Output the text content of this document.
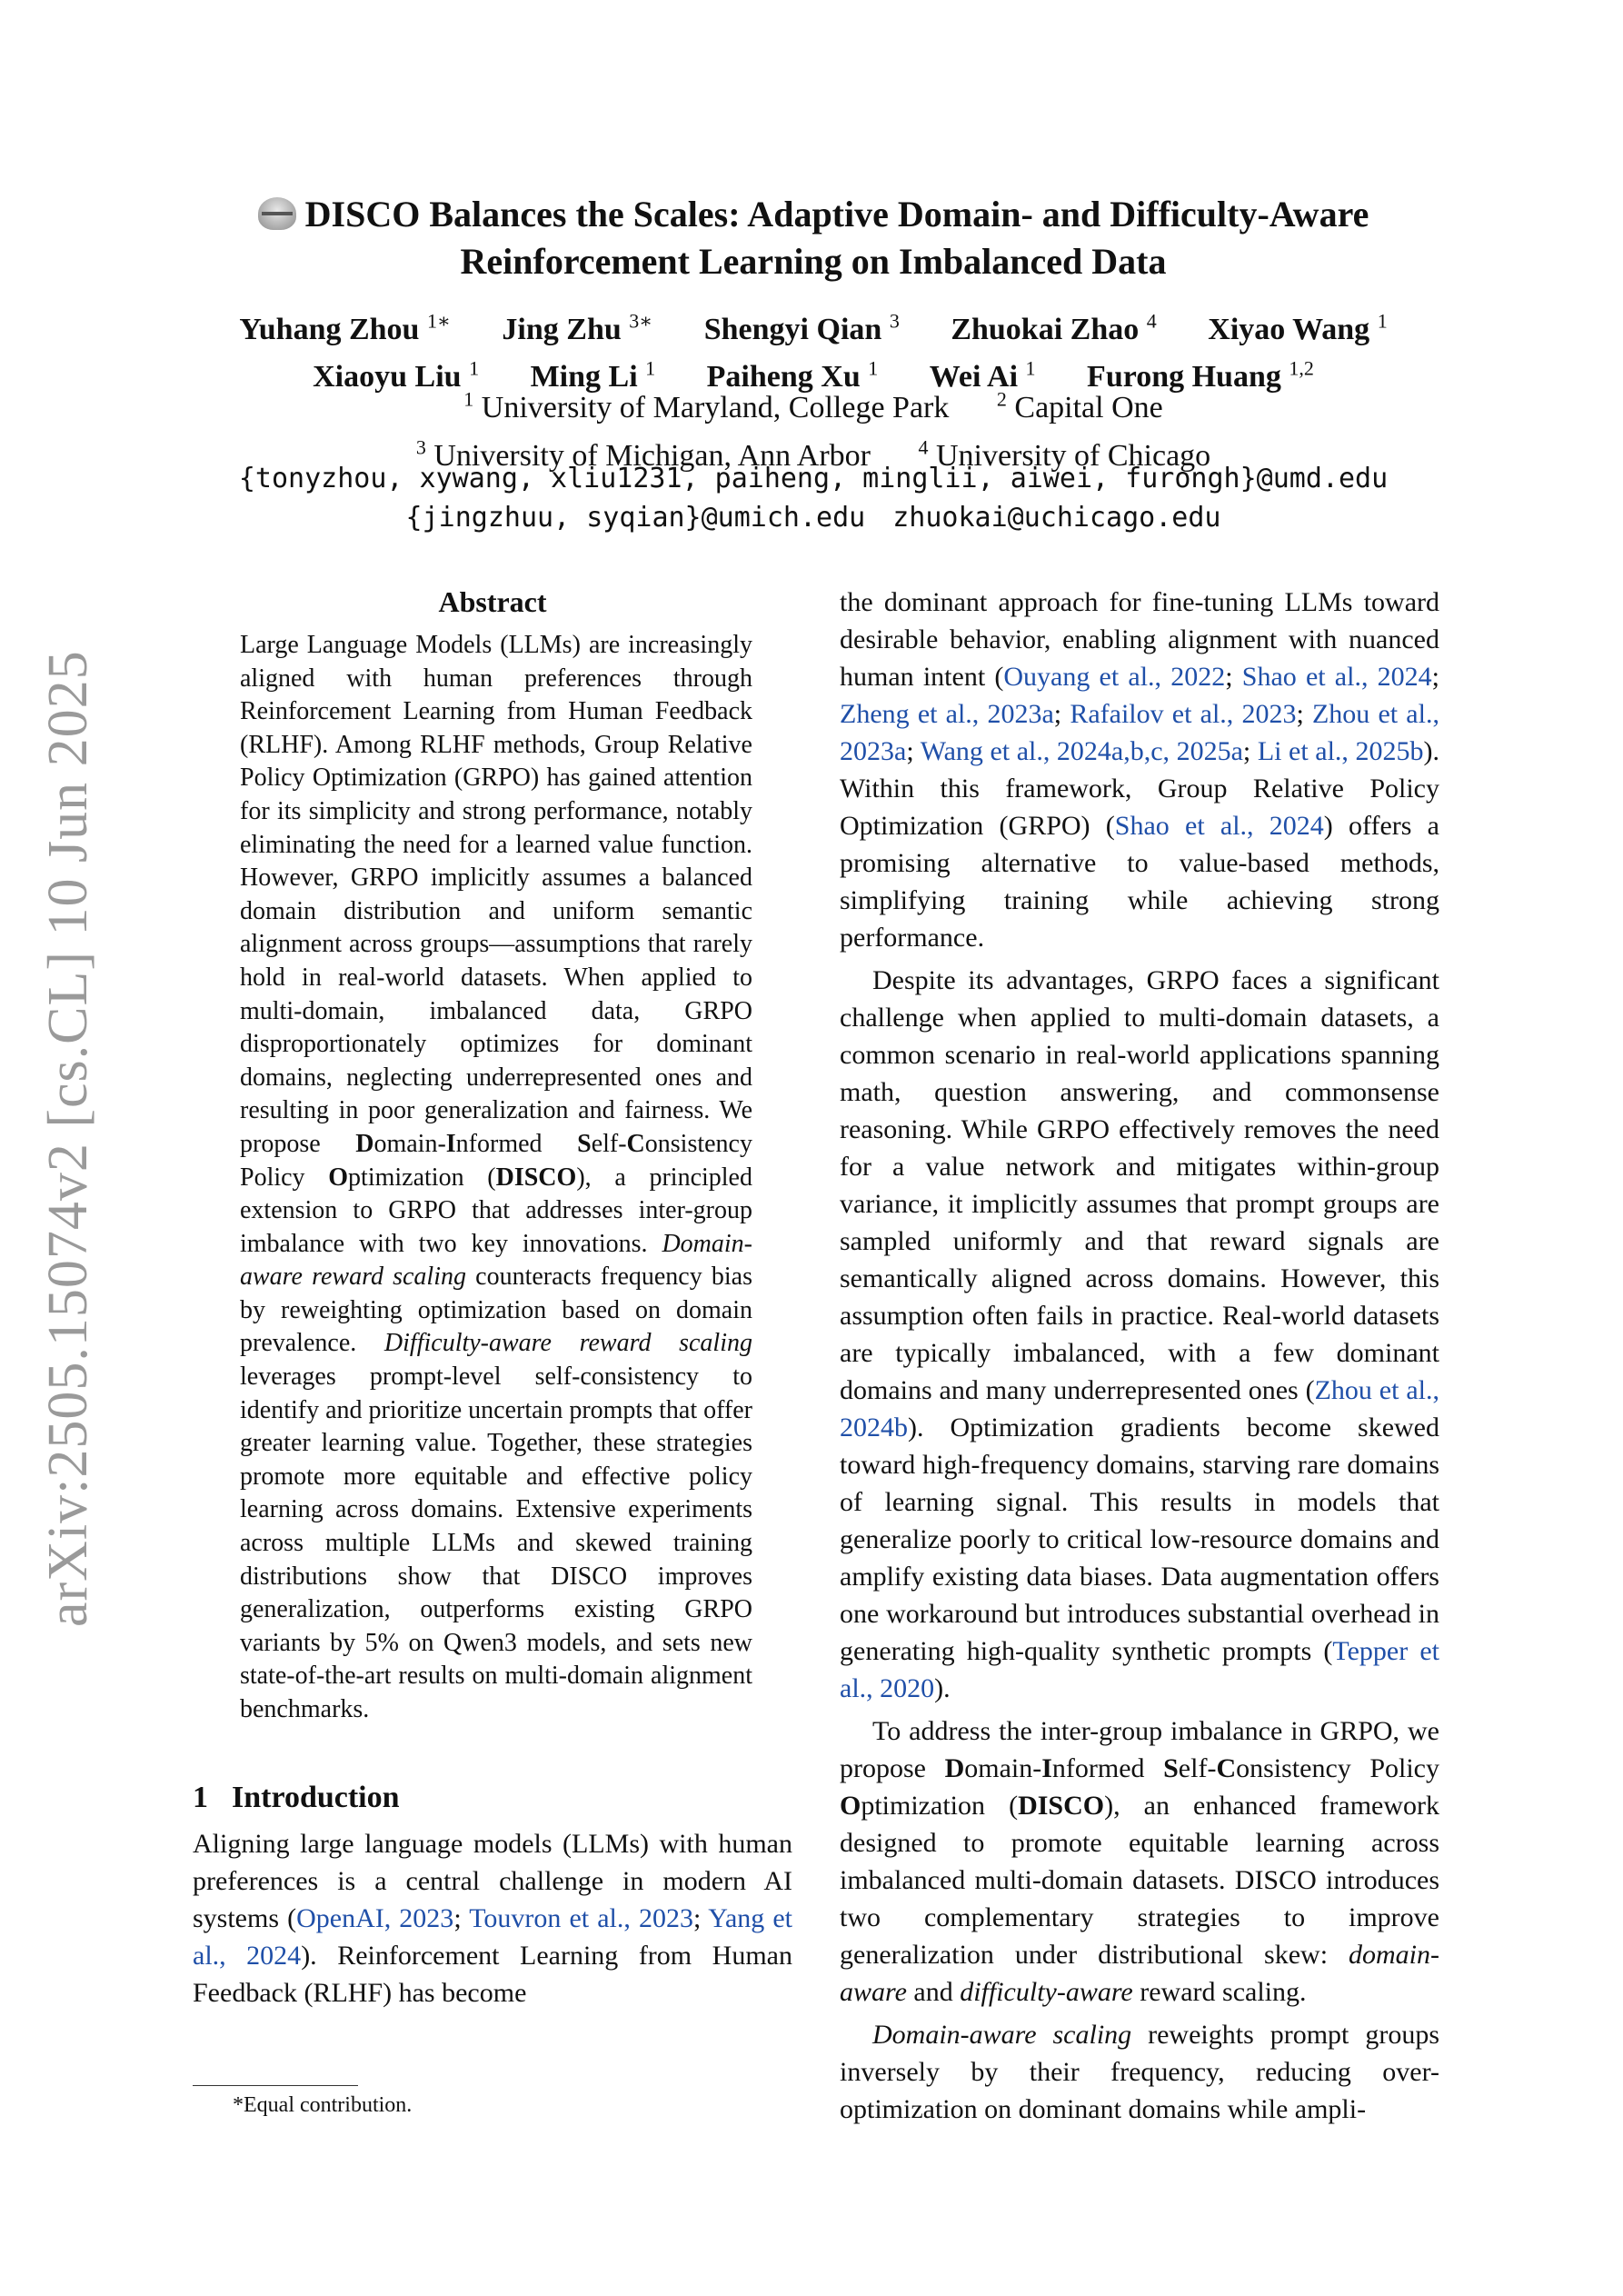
arXiv:2505.15074v2 [cs.CL] 10 Jun 2025
DISCO Balances the Scales: Adaptive Domain- and Difficulty-Aware
Reinforcement Learning on Imbalanced Data
Yuhang Zhou $^{1∗}$ Jing Zhu $^{3∗}$ Shengyi Qian $^3$ Zhuokai Zhao $^4$ Xiyao Wang $^1$
Xiaoyu Liu $^1$ Ming Li $^1$ Paiheng Xu $^1$ Wei Ai $^1$ Furong Huang $^{1,2}$
$^1$ University of Maryland, College Park $^2$ Capital One
$^3$ University of Michigan, Ann Arbor $^4$ University of Chicago
{tonyzhou, xywang, xliu1231, paiheng, minglii, aiwei, furongh}@umd.edu
{jingzhuu, syqian}@umich.edu zhuokai@uchicago.edu
Abstract
Large Language Models (LLMs) are increasingly aligned with human preferences through Reinforcement Learning from Human Feedback (RLHF). Among RLHF methods, Group Relative Policy Optimization (GRPO) has gained attention for its simplicity and strong performance, notably eliminating the need for a learned value function. However, GRPO implicitly assumes a balanced domain distribution and uniform semantic alignment across groups—assumptions that rarely hold in real-world datasets. When applied to multi-domain, imbalanced data, GRPO disproportionately optimizes for dominant domains, neglecting underrepresented ones and resulting in poor generalization and fairness. We propose Domain-Informed Self-Consistency Policy Optimization (DISCO), a principled extension to GRPO that addresses inter-group imbalance with two key innovations. Domain-aware reward scaling counteracts frequency bias by reweighting optimization based on domain prevalence. Difficulty-aware reward scaling leverages prompt-level self-consistency to identify and prioritize uncertain prompts that offer greater learning value. Together, these strategies promote more equitable and effective policy learning across domains. Extensive experiments across multiple LLMs and skewed training distributions show that DISCO improves generalization, outperforms existing GRPO variants by 5% on Qwen3 models, and sets new state-of-the-art results on multi-domain alignment benchmarks.
1 Introduction
Aligning large language models (LLMs) with human preferences is a central challenge in modern AI systems (OpenAI, 2023; Touvron et al., 2023; Yang et al., 2024). Reinforcement Learning from Human Feedback (RLHF) has become
*Equal contribution.

the dominant approach for fine-tuning LLMs toward desirable behavior, enabling alignment with nuanced human intent (Ouyang et al., 2022; Shao et al., 2024; Zheng et al., 2023a; Rafailov et al., 2023; Zhou et al., 2023a; Wang et al., 2024a,b,c, 2025a; Li et al., 2025b). Within this framework, Group Relative Policy Optimization (GRPO) (Shao et al., 2024) offers a promising alternative to value-based methods, simplifying training while achieving strong performance.

Despite its advantages, GRPO faces a significant challenge when applied to multi-domain datasets, a common scenario in real-world applications spanning math, question answering, and commonsense reasoning. While GRPO effectively removes the need for a value network and mitigates within-group variance, it implicitly assumes that prompt groups are sampled uniformly and that reward signals are semantically aligned across domains. However, this assumption often fails in practice. Real-world datasets are typically imbalanced, with a few dominant domains and many underrepresented ones (Zhou et al., 2024b). Optimization gradients become skewed toward high-frequency domains, starving rare domains of learning signal. This results in models that generalize poorly to critical low-resource domains and amplify existing data biases. Data augmentation offers one workaround but introduces substantial overhead in generating high-quality synthetic prompts (Tepper et al., 2020).

To address the inter-group imbalance in GRPO, we propose Domain-Informed Self-Consistency Policy Optimization (DISCO), an enhanced framework designed to promote equitable learning across imbalanced multi-domain datasets. DISCO introduces two complementary strategies to improve generalization under distributional skew: domain-aware and difficulty-aware reward scaling.

Domain-aware scaling reweights prompt groups inversely by their frequency, reducing over-optimization on dominant domains while ampli-
